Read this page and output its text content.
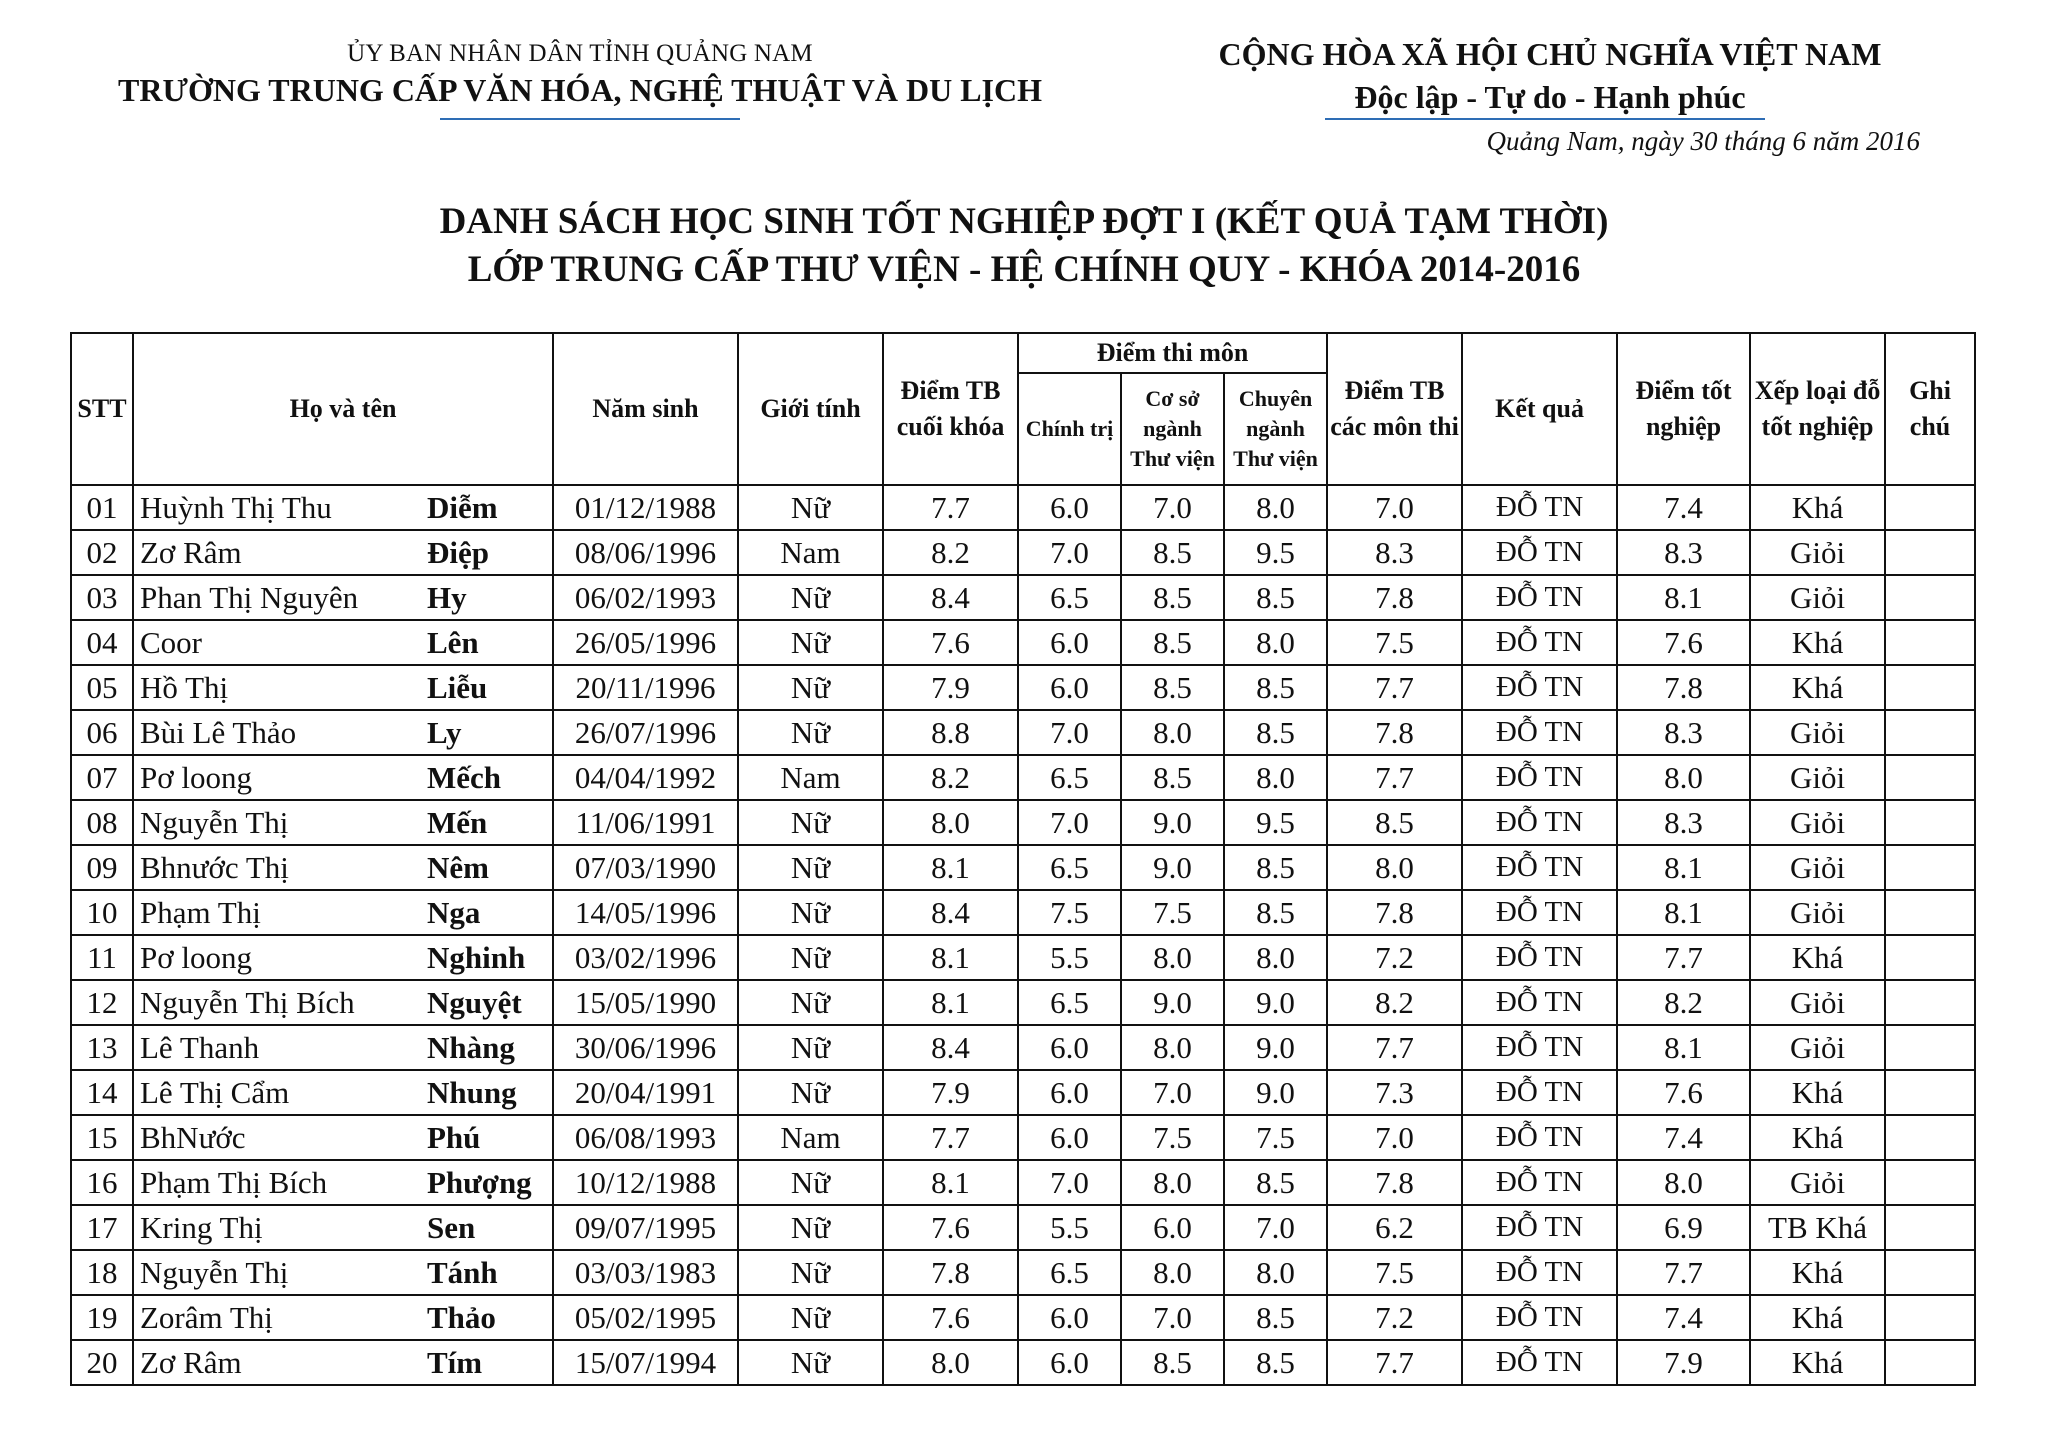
ỦY BAN NHÂN DÂN TỈNH QUẢNG NAM
TRƯỜNG TRUNG CẤP VĂN HÓA, NGHỆ THUẬT VÀ DU LỊCH
CỘNG HÒA XÃ HỘI CHỦ NGHĨA VIỆT NAM
Độc lập - Tự do - Hạnh phúc
Quảng Nam, ngày 30 tháng 6 năm 2016
DANH SÁCH HỌC SINH TỐT NGHIỆP ĐỢT I (KẾT QUẢ TẠM THỜI)
LỚP TRUNG CẤP THƯ VIỆN - HỆ CHÍNH QUY - KHÓA 2014-2016
STT	Họ và tên		Năm sinh	Giới tính	Điểm TB cuối khóa	Điểm thi môn			Điểm TB các môn thi	Kết quả	Điểm tốt nghiệp	Xếp loại đỗ tốt nghiệp	Ghi chú
						Chính trị	Cơ sở ngành Thư viện	Chuyên ngành Thư viện					
01	Huỳnh Thị Thu	Diễm	01/12/1988	Nữ	7.7	6.0	7.0	8.0	7.0	ĐỖ TN	7.4	Khá	
02	Zơ Râm	Điệp	08/06/1996	Nam	8.2	7.0	8.5	9.5	8.3	ĐỖ TN	8.3	Giỏi	
03	Phan Thị Nguyên	Hy	06/02/1993	Nữ	8.4	6.5	8.5	8.5	7.8	ĐỖ TN	8.1	Giỏi	
04	Coor	Lên	26/05/1996	Nữ	7.6	6.0	8.5	8.0	7.5	ĐỖ TN	7.6	Khá	
05	Hồ Thị	Liễu	20/11/1996	Nữ	7.9	6.0	8.5	8.5	7.7	ĐỖ TN	7.8	Khá	
06	Bùi Lê Thảo	Ly	26/07/1996	Nữ	8.8	7.0	8.0	8.5	7.8	ĐỖ TN	8.3	Giỏi	
07	Pơ loong	Mếch	04/04/1992	Nam	8.2	6.5	8.5	8.0	7.7	ĐỖ TN	8.0	Giỏi	
08	Nguyễn Thị	Mến	11/06/1991	Nữ	8.0	7.0	9.0	9.5	8.5	ĐỖ TN	8.3	Giỏi	
09	Bhnước Thị	Nêm	07/03/1990	Nữ	8.1	6.5	9.0	8.5	8.0	ĐỖ TN	8.1	Giỏi	
10	Phạm Thị	Nga	14/05/1996	Nữ	8.4	7.5	7.5	8.5	7.8	ĐỖ TN	8.1	Giỏi	
11	Pơ loong	Nghinh	03/02/1996	Nữ	8.1	5.5	8.0	8.0	7.2	ĐỖ TN	7.7	Khá	
12	Nguyễn Thị Bích	Nguyệt	15/05/1990	Nữ	8.1	6.5	9.0	9.0	8.2	ĐỖ TN	8.2	Giỏi	
13	Lê Thanh	Nhàng	30/06/1996	Nữ	8.4	6.0	8.0	9.0	7.7	ĐỖ TN	8.1	Giỏi	
14	Lê Thị Cẩm	Nhung	20/04/1991	Nữ	7.9	6.0	7.0	9.0	7.3	ĐỖ TN	7.6	Khá	
15	BhNước	Phú	06/08/1993	Nam	7.7	6.0	7.5	7.5	7.0	ĐỖ TN	7.4	Khá	
16	Phạm Thị Bích	Phượng	10/12/1988	Nữ	8.1	7.0	8.0	8.5	7.8	ĐỖ TN	8.0	Giỏi	
17	Kring Thị	Sen	09/07/1995	Nữ	7.6	5.5	6.0	7.0	6.2	ĐỖ TN	6.9	TB Khá	
18	Nguyễn Thị	Tánh	03/03/1983	Nữ	7.8	6.5	8.0	8.0	7.5	ĐỖ TN	7.7	Khá	
19	Zorâm Thị	Thảo	05/02/1995	Nữ	7.6	6.0	7.0	8.5	7.2	ĐỖ TN	7.4	Khá	
20	Zơ Râm	Tím	15/07/1994	Nữ	8.0	6.0	8.5	8.5	7.7	ĐỖ TN	7.9	Khá	
